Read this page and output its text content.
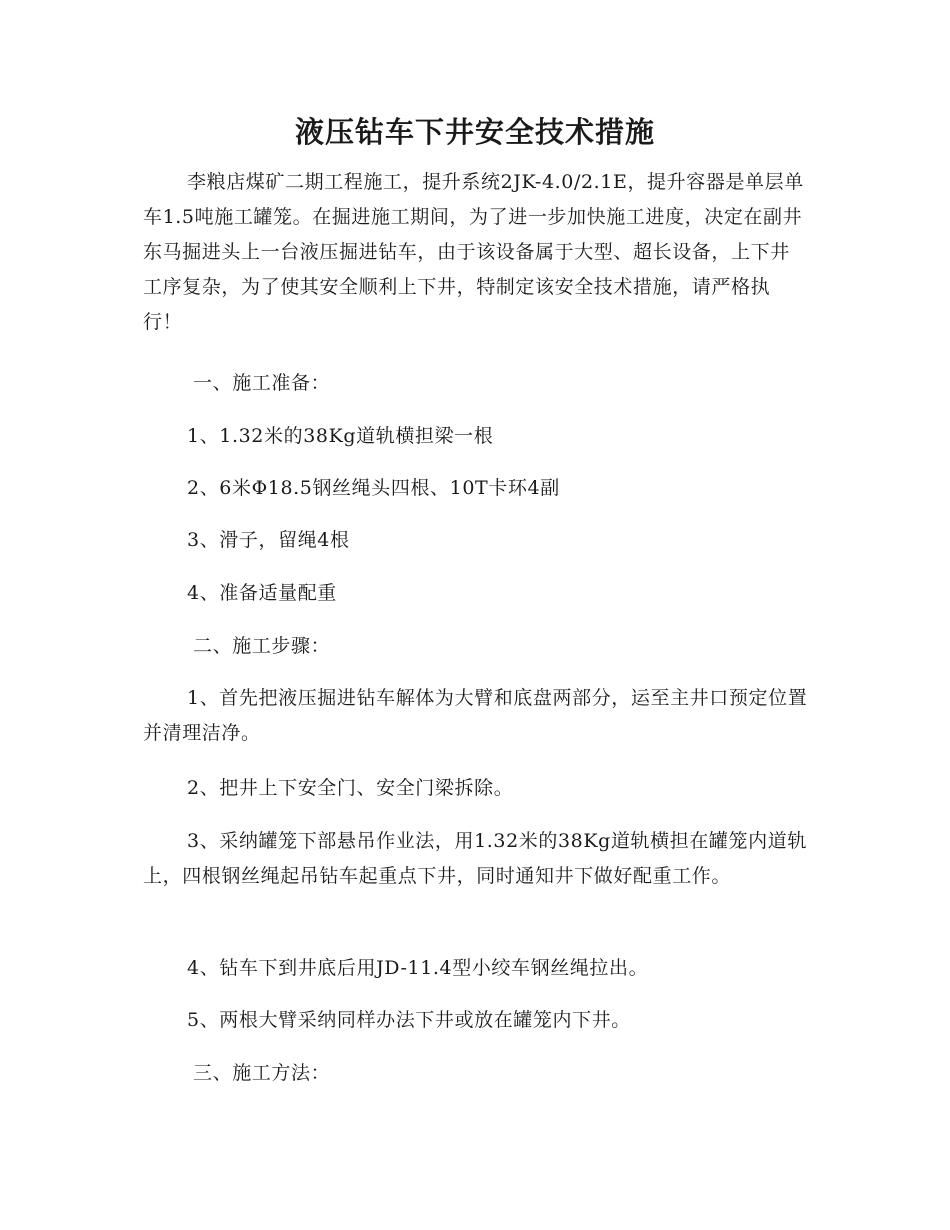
液压钻车下井安全技术措施

李粮店煤矿二期工程施工，提升系统2JK-4.0/2.1E，提升容器是单层单车1.5吨施工罐笼。在掘进施工期间，为了进一步加快施工进度，决定在副井东马掘进头上一台液压掘进钻车，由于该设备属于大型、超长设备，上下井工序复杂，为了使其安全顺利上下井，特制定该安全技术措施，请严格执行！

一、施工准备：

1、1.32米的38Kg道轨横担梁一根

2、6米Φ18.5钢丝绳头四根、10T卡环4副

3、滑子，留绳4根

4、准备适量配重

二、施工步骤：

1、首先把液压掘进钻车解体为大臂和底盘两部分，运至主井口预定位置并清理洁净。

2、把井上下安全门、安全门梁拆除。

3、采纳罐笼下部悬吊作业法，用1.32米的38Kg道轨横担在罐笼内道轨上，四根钢丝绳起吊钻车起重点下井，同时通知井下做好配重工作。

4、钻车下到井底后用JD-11.4型小绞车钢丝绳拉出。

5、两根大臂采纳同样办法下井或放在罐笼内下井。

三、施工方法：
